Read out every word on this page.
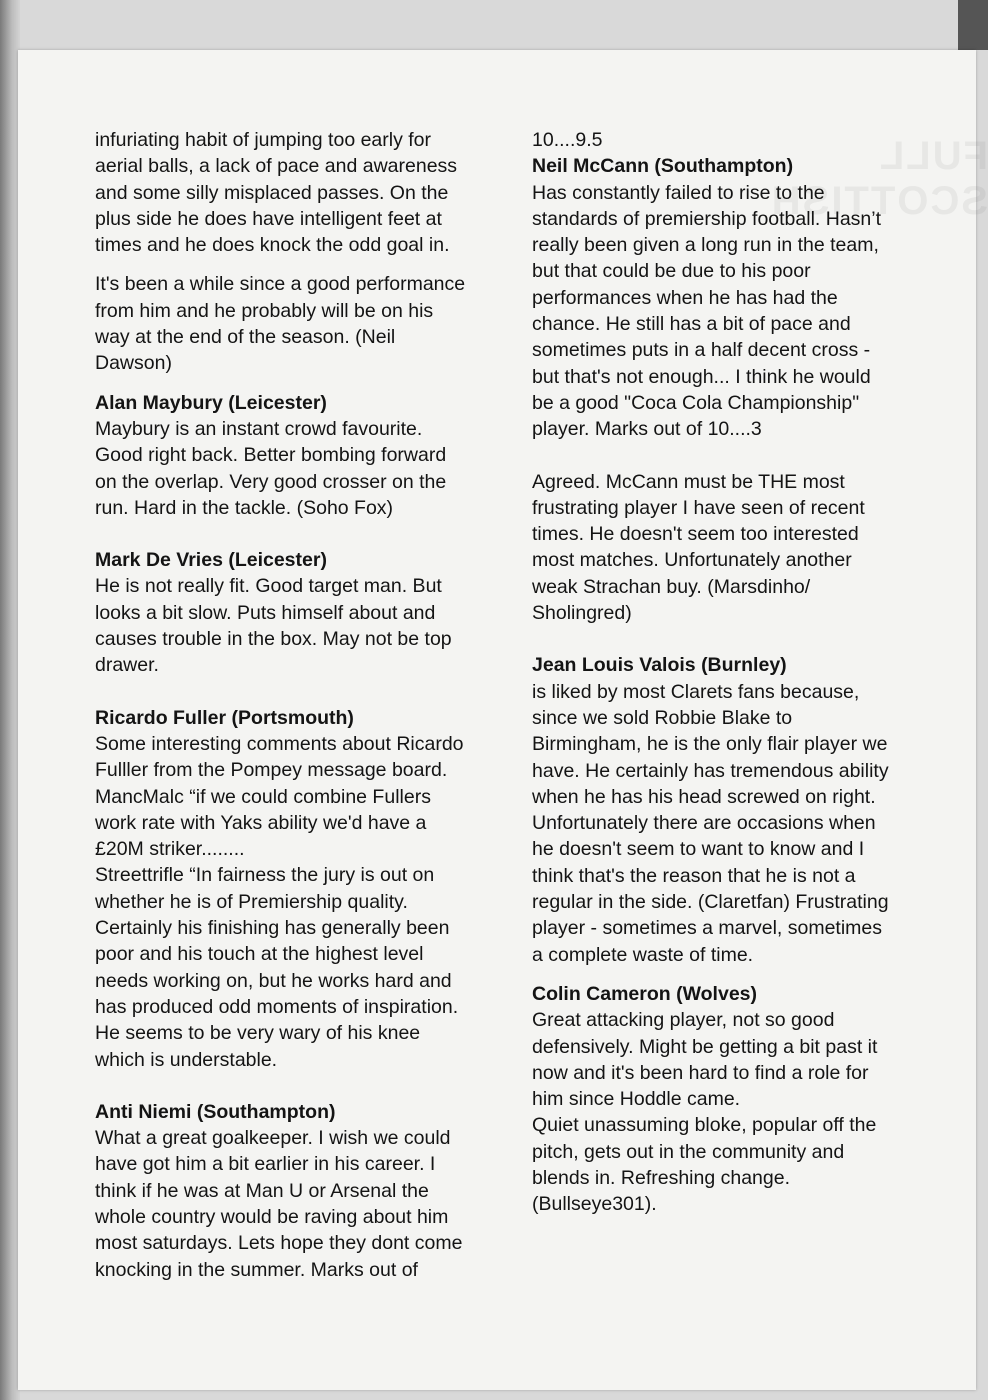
FULL SCOTTISH

infuriating habit of jumping too early for
aerial balls, a lack of pace and awareness
and some silly misplaced passes. On the
plus side he does have intelligent feet at
times and he does knock the odd goal in.

It's been a while since a good performance
from him and he probably will be on his
way at the end of the season. (Neil
Dawson)

Alan Maybury (Leicester)

Maybury is an instant crowd favourite.
Good right back. Better bombing forward
on the overlap. Very good crosser on the
run. Hard in the tackle. (Soho Fox)

Mark De Vries (Leicester)

He is not really fit. Good target man. But
looks a bit slow. Puts himself about and
causes trouble in the box. May not be top
drawer.

Ricardo Fuller (Portsmouth)

Some interesting comments about Ricardo
Fulller from the Pompey message board.
MancMalc “if we could combine Fullers
work rate with Yaks ability we'd have a
£20M striker........
Streettrifle “In fairness the jury is out on
whether he is of Premiership quality.
Certainly his finishing has generally been
poor and his touch at the highest level
needs working on, but he works hard and
has produced odd moments of inspiration.
He seems to be very wary of his knee
which is understable.

Anti Niemi (Southampton)

What a great goalkeeper. I wish we could
have got him a bit earlier in his career. I
think if he was at Man U or Arsenal the
whole country would be raving about him
most saturdays. Lets hope they dont come
knocking in the summer. Marks out of

10....9.5

Neil McCann (Southampton)

Has constantly failed to rise to the
standards of premiership football. Hasn’t
really been given a long run in the team,
but that could be due to his poor
performances when he has had the
chance. He still has a bit of pace and
sometimes puts in a half decent cross -
but that's not enough... I think he would
be a good "Coca Cola Championship"
player. Marks out of 10....3

Agreed. McCann must be THE most
frustrating player I have seen of recent
times. He doesn't seem too interested
most matches. Unfortunately another
weak Strachan buy. (Marsdinho/
Sholingred)

Jean Louis Valois (Burnley)

is liked by most Clarets fans because,
since we sold Robbie Blake to
Birmingham, he is the only flair player we
have. He certainly has tremendous ability
when he has his head screwed on right.
Unfortunately there are occasions when
he doesn't seem to want to know and I
think that's the reason that he is not a
regular in the side. (Claretfan) Frustrating
player - sometimes a marvel, sometimes
a complete waste of time.

Colin Cameron (Wolves)

Great attacking player, not so good
defensively. Might be getting a bit past it
now and it's been hard to find a role for
him since Hoddle came.
Quiet unassuming bloke, popular off the
pitch, gets out in the community and
blends in. Refreshing change.
(Bullseye301).
